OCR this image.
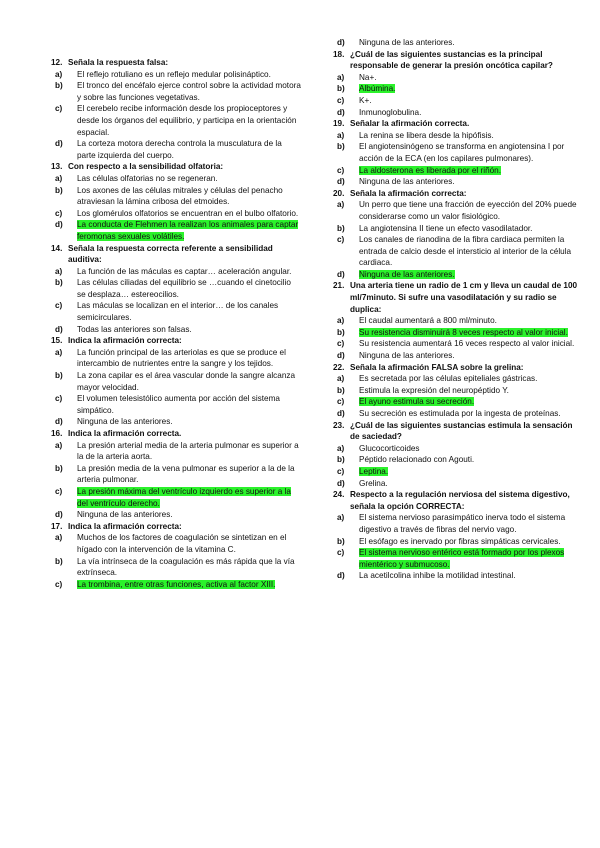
12. Señala la respuesta falsa:
a)	El reflejo rotuliano es un reflejo medular polisináptico.
b)	El tronco del encéfalo ejerce control sobre la actividad motora y sobre las funciones vegetativas.
c)	El cerebelo recibe información desde los propioceptores y desde los órganos del equilibrio, y participa en la orientación espacial.
d)	La corteza motora derecha controla la musculatura de la parte izquierda del cuerpo.
13. Con respecto a la sensibilidad olfatoria:
a)	Las células olfatorias no se regeneran.
b)	Los axones de las células mitrales y células del penacho atraviesan la lámina cribosa del etmoides.
c)	Los glomérulos olfatorios se encuentran en el bulbo olfatorio.
d)	La conducta de Flehmen la realizan los animales para captar feromonas sexuales volátiles.
14. Señala la respuesta correcta referente a sensibilidad auditiva:
a)	La función de las máculas es captar… aceleración angular.
b)	Las células ciliadas del equilibrio se …cuando el cinetocilio se desplaza… estereocilios.
c)	Las máculas se localizan en el interior… de los canales semicirculares.
d)	Todas las anteriores son falsas.
15. Indica la afirmación correcta:
a)	La función principal de las arteriolas es que se produce el intercambio de nutrientes entre la sangre y los tejidos.
b)	La zona capilar es el área vascular donde la sangre alcanza mayor velocidad.
c)	El volumen telesistólico aumenta por acción del sistema simpático.
d)	Ninguna de las anteriores.
16. Indica la afirmación correcta.
a)	La presión arterial media de la arteria pulmonar es superior a la de la arteria aorta.
b)	La presión media de la vena pulmonar es superior a la de la arteria pulmonar.
c)	La presión máxima del ventrículo izquierdo es superior a la del ventrículo derecho.
d)	Ninguna de las anteriores.
17. Indica la afirmación correcta:
a)	Muchos de los factores de coagulación se sintetizan en el hígado con la intervención de la vitamina C.
b)	La vía intrínseca de la coagulación es más rápida que la vía extrínseca.
c)	La trombina, entre otras funciones, activa al factor XIII.
d)	Ninguna de las anteriores.
18. ¿Cuál de las siguientes sustancias es la principal responsable de generar la presión oncótica capilar?
a)	Na+.
b)	Albúmina.
c)	K+.
d)	Inmunoglobulina.
19. Señalar la afirmación correcta.
a)	La renina se libera desde la hipófisis.
b)	El angiotensinógeno se transforma en angiotensina I por acción de la ECA (en los capilares pulmonares).
c)	La aldosterona es liberada por el riñón.
d)	Ninguna de las anteriores.
20. Señala la afirmación correcta:
a)	Un perro que tiene una fracción de eyección del 20% puede considerarse como un valor fisiológico.
b)	La angiotensina II tiene un efecto vasodilatador.
c)	Los canales de rianodina de la fibra cardiaca permiten la entrada de calcio desde el intersticio al interior de la célula cardiaca.
d)	Ninguna de las anteriores.
21. Una arteria tiene un radio de 1 cm y lleva un caudal de 100 ml/7minuto. Si sufre una vasodilatación y su radio se duplica:
a)	El caudal aumentará a 800 ml/minuto.
b)	Su resistencia disminuirá 8 veces respecto al valor inicial.
c)	Su resistencia aumentará 16 veces respecto al valor inicial.
d)	Ninguna de las anteriores.
22. Señala la afirmación FALSA sobre la grelina:
a)	Es secretada por las células epiteliales gástricas.
b)	Estimula la expresión del neuropéptido Y.
c)	El ayuno estimula su secreción.
d)	Su secreción es estimulada por la ingesta de proteínas.
23. ¿Cuál de las siguientes sustancias estimula la sensación de saciedad?
a)	Glucocorticoides
b)	Péptido relacionado con Agouti.
c)	Leptina.
d)	Grelina.
24. Respecto a la regulación nerviosa del sistema digestivo, señala la opción CORRECTA:
a)	El sistema nervioso parasimpático inerva todo el sistema digestivo a través de fibras del nervio vago.
b)	El esófago es inervado por fibras simpáticas cervicales.
c)	El sistema nervioso entérico está formado por los plexos mientérico y submucoso.
d)	La acetilcolina inhibe la motilidad intestinal.
